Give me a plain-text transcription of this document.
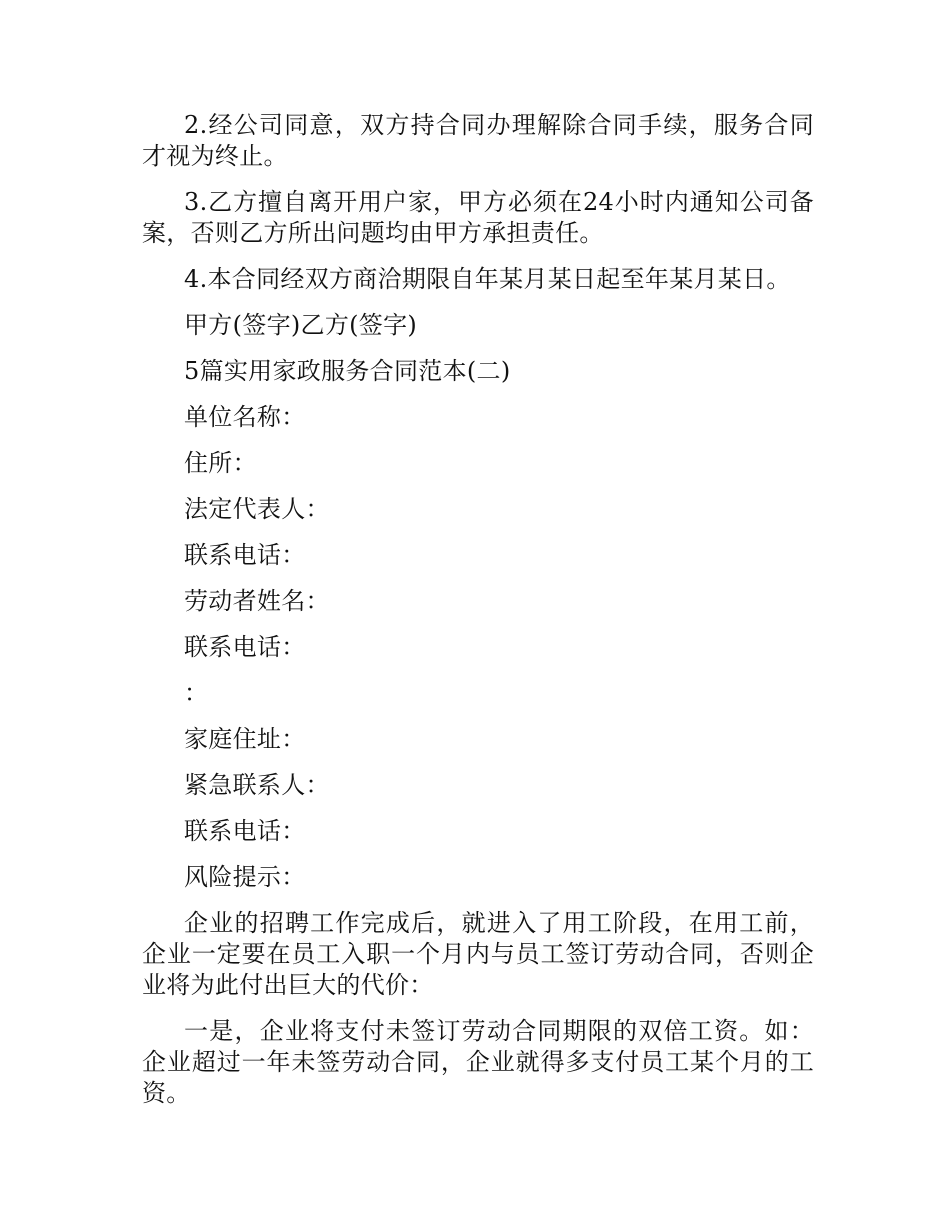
2.经公司同意，双方持合同办理解除合同手续，服务合同才视为终止。

3.乙方擅自离开用户家，甲方必须在24小时内通知公司备案，否则乙方所出问题均由甲方承担责任。

4.本合同经双方商洽期限自年某月某日起至年某月某日。

甲方(签字)乙方(签字)

5篇实用家政服务合同范本(二)

单位名称：

住所：

法定代表人：

联系电话：

劳动者姓名：

联系电话：

：

家庭住址：

紧急联系人：

联系电话：

风险提示：

企业的招聘工作完成后，就进入了用工阶段，在用工前，企业一定要在员工入职一个月内与员工签订劳动合同，否则企业将为此付出巨大的代价：

一是，企业将支付未签订劳动合同期限的双倍工资。如：企业超过一年未签劳动合同，企业就得多支付员工某个月的工资。
